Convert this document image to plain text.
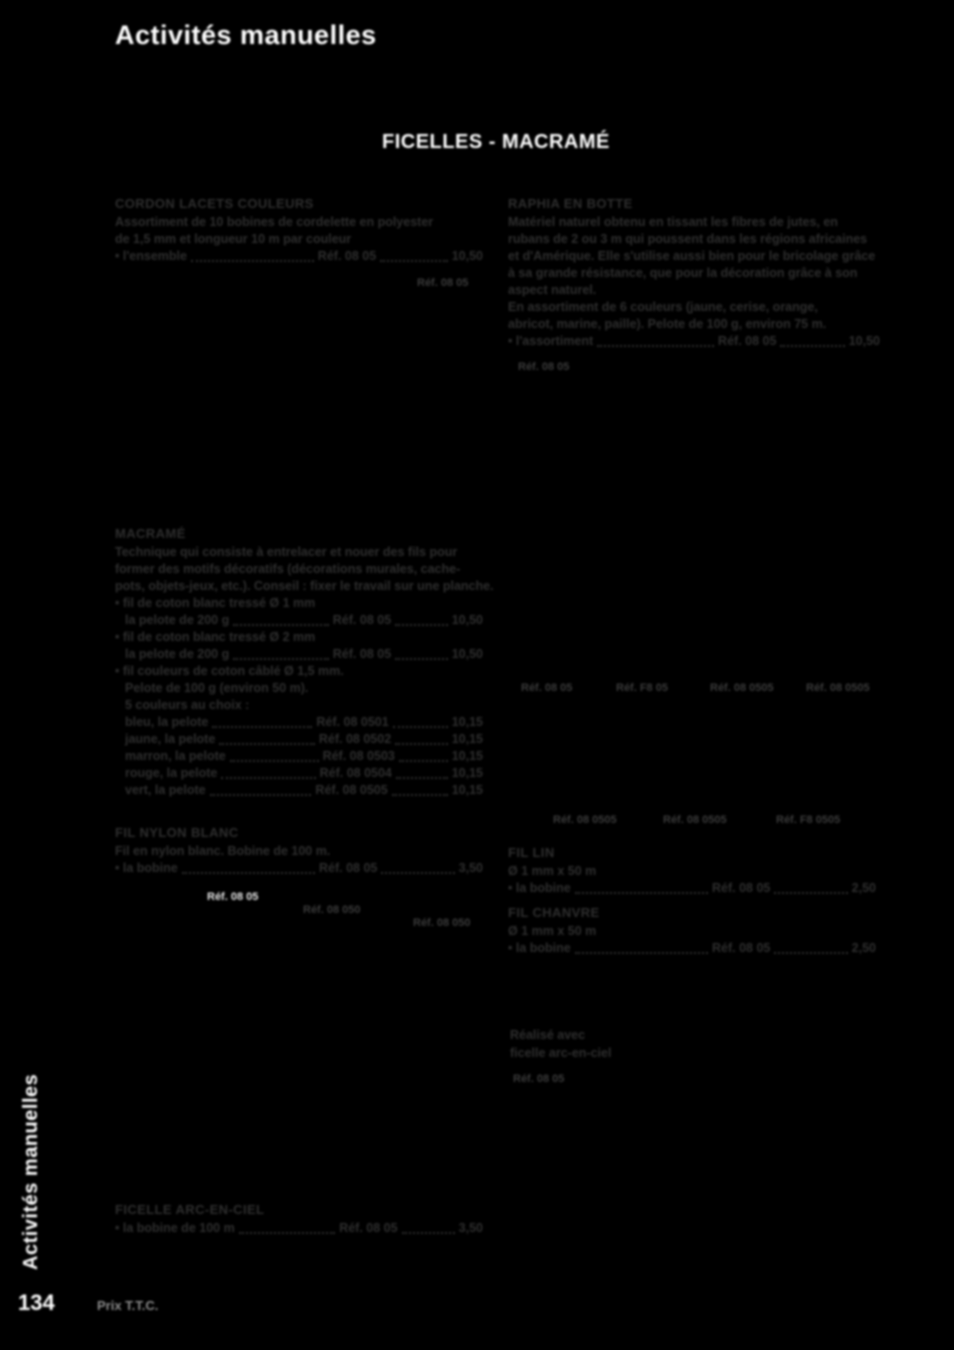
Activités manuelles
FICELLES - MACRAMÉ
CORDON LACETS COULEURS
Assortiment de 10 bobines de cordelette en polyester
de 1,5 mm et longueur 10 m par couleur
• l'ensemble	Réf. 08 05	10,50
Réf. 08 05
MACRAMÉ
Technique qui consiste à entrelacer et nouer des fils pour
former des motifs décoratifs (décorations murales, cache-
pots, objets-jeux, etc.). Conseil : fixer le travail sur une planche.
• fil de coton blanc tressé Ø 1 mm
la pelote de 200 g	Réf. 08 05	10,50
• fil de coton blanc tressé Ø 2 mm
la pelote de 200 g	Réf. 08 05	10,50
• fil couleurs de coton câblé Ø 1,5 mm.
Pelote de 100 g (environ 50 m).
5 couleurs au choix :
bleu, la pelote	Réf. 08 0501	10,15
jaune, la pelote	Réf. 08 0502	10,15
marron, la pelote	Réf. 08 0503	10,15
rouge, la pelote	Réf. 08 0504	10,15
vert, la pelote	Réf. 08 0505	10,15
FIL NYLON BLANC
Fil en nylon blanc. Bobine de 100 m.
• la bobine	Réf. 08 05	3,50
Réf. 08 05
Réf. 08 050
Réf. 08 050
FICELLE ARC-EN-CIEL
• la bobine de 100 m	Réf. 08 05	3,50
RAPHIA EN BOTTE
Matériel naturel obtenu en tissant les fibres de jutes, en
rubans de 2 ou 3 m qui poussent dans les régions africaines
et d'Amérique. Elle s'utilise aussi bien pour le bricolage grâce
à sa grande résistance, que pour la décoration grâce à son
aspect naturel.
En assortiment de 6 couleurs (jaune, cerise, orange,
abricot, marine, paille). Pelote de 100 g, environ 75 m.
• l'assortiment	Réf. 08 05	10,50
Réf. 08 05
Réf. 08 05	Réf. F8 05	Réf. 08 0505	Réf. 08 0505
Réf. 08 0505	Réf. 08 0505	Réf. F8 0505
FIL LIN
Ø 1 mm x 50 m
• la bobine	Réf. 08 05	2,50
FIL CHANVRE
Ø 1 mm x 50 m
• la bobine	Réf. 08 05	2,50
Réalisé avec
ficelle arc-en-ciel
Réf. 08 05
Activités manuelles
134	Prix T.T.C.
